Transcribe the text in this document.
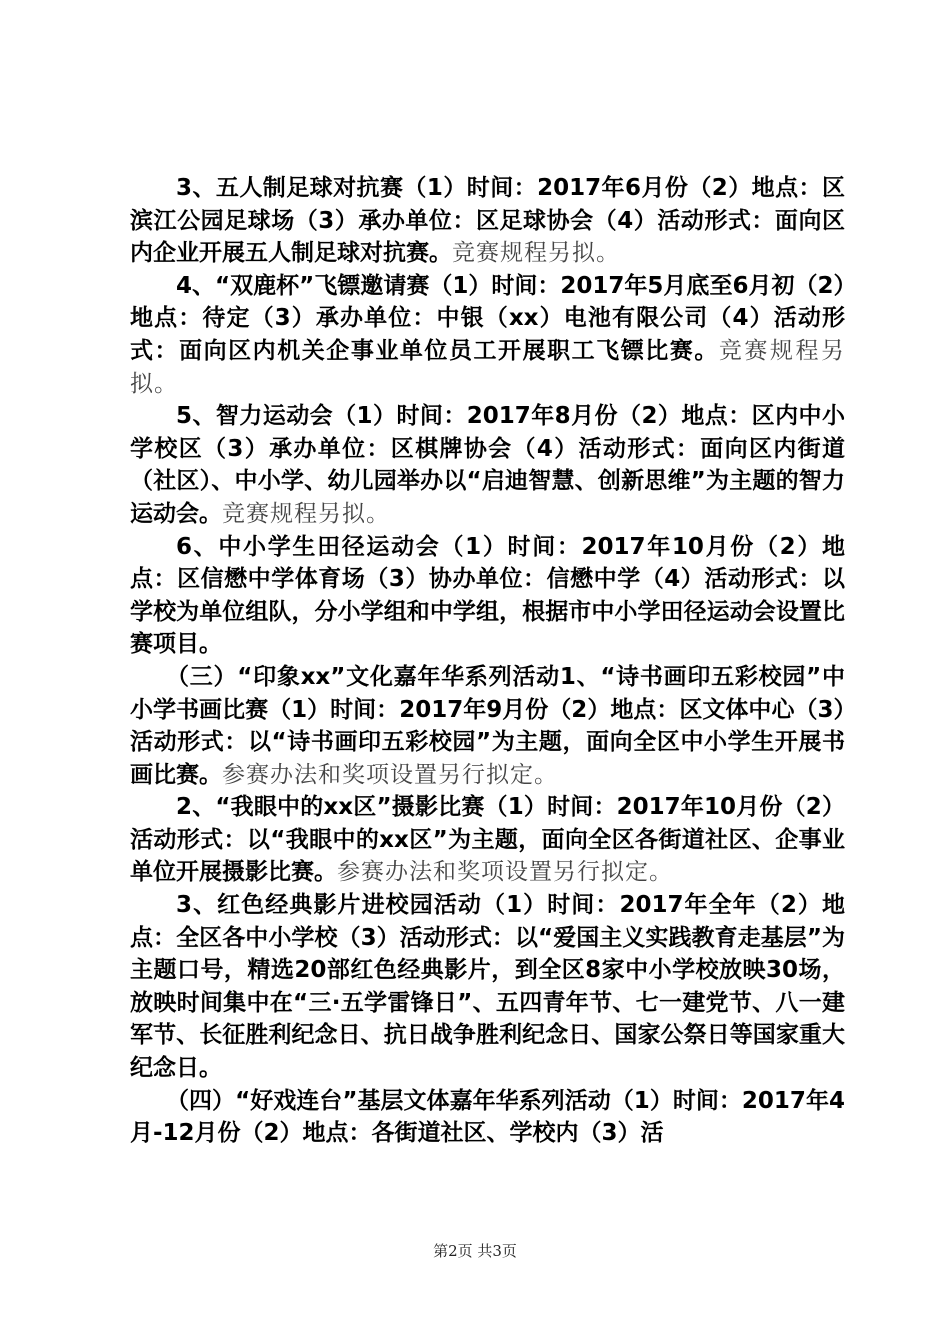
3、五人制足球对抗赛（1）时间：2017年6月份（2）地点：区滨江公园足球场（3）承办单位：区足球协会（4）活动形式：面向区内企业开展五人制足球对抗赛。竞赛规程另拟。

4、“双鹿杯”飞镖邀请赛（1）时间：2017年5月底至6月初（2）地点：待定（3）承办单位：中银（xx）电池有限公司（4）活动形式：面向区内机关企事业单位员工开展职工飞镖比赛。竞赛规程另拟。

5、智力运动会（1）时间：2017年8月份（2）地点：区内中小学校区（3）承办单位：区棋牌协会（4）活动形式：面向区内街道（社区）、中小学、幼儿园举办以“启迪智慧、创新思维”为主题的智力运动会。竞赛规程另拟。

6、中小学生田径运动会（1）时间：2017年10月份（2）地点：区信懋中学体育场（3）协办单位：信懋中学（4）活动形式：以学校为单位组队，分小学组和中学组，根据市中小学田径运动会设置比赛项目。

（三）“印象xx”文化嘉年华系列活动1、“诗书画印五彩校园”中小学书画比赛（1）时间：2017年9月份（2）地点：区文体中心（3）活动形式：以“诗书画印五彩校园”为主题，面向全区中小学生开展书画比赛。参赛办法和奖项设置另行拟定。

2、“我眼中的xx区”摄影比赛（1）时间：2017年10月份（2）活动形式：以“我眼中的xx区”为主题，面向全区各街道社区、企事业单位开展摄影比赛。参赛办法和奖项设置另行拟定。

3、红色经典影片进校园活动（1）时间：2017年全年（2）地点：全区各中小学校（3）活动形式：以“爱国主义实践教育走基层”为主题口号，精选20部红色经典影片，到全区8家中小学校放映30场，放映时间集中在“三·五学雷锋日”、五四青年节、七一建党节、八一建军节、长征胜利纪念日、抗日战争胜利纪念日、国家公祭日等国家重大纪念日。

（四）“好戏连台”基层文体嘉年华系列活动（1）时间：2017年4月-12月份（2）地点：各街道社区、学校内（3）活

第2页 共3页
